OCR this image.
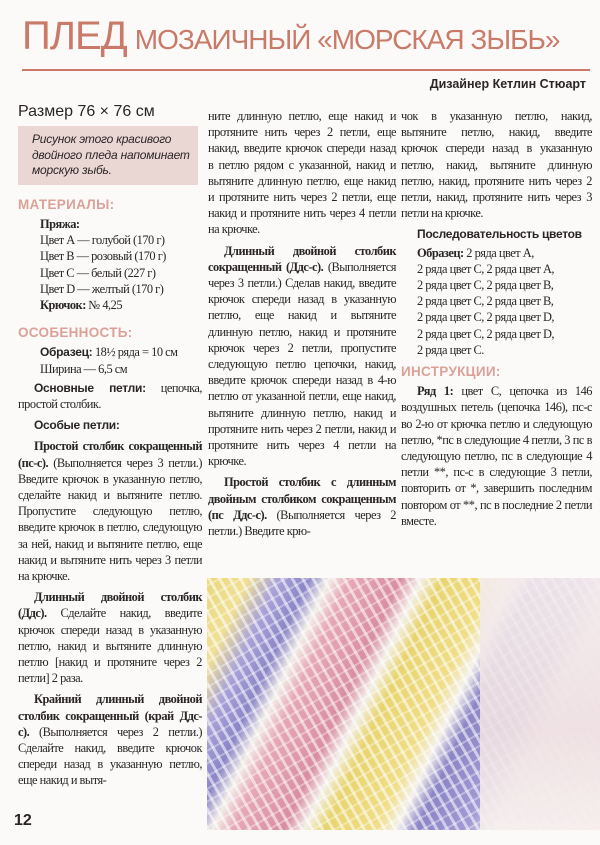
ПЛЕД МОЗАИЧНЫЙ «МОРСКАЯ ЗЫБЬ»
Дизайнер Кетлин Стюарт
Размер 76 × 76 см
Рисунок этого красивого двойного пледа напоминает морскую зыбь.
МАТЕРИАЛЫ:
Пряжа:
Цвет А — голубой (170 г)
Цвет В — розовый (170 г)
Цвет С — белый (227 г)
Цвет D — желтый (170 г)
Крючок: № 4,25
ОСОБЕННОСТЬ:
Образец: 18½ ряда = 10 см
Ширина — 6,5 см

Основные петли: цепочка, простой столбик.

Особые петли:

Простой столбик сокращенный (пс-с). (Выполняется через 3 петли.) Введите крючок в указанную петлю, сделайте накид и вытяните петлю. Пропустите следующую петлю, введите крючок в петлю, следующую за ней, накид и вытяните петлю, еще накид и вытяните нить через 3 петли на крючке.

Длинный двойной столбик (Ддс). Сделайте накид, введите крючок спереди назад в указанную петлю, накид и вытяните длинную петлю [накид и протяните через 2 петли] 2 раза.

Крайний длинный двойной столбик сокращенный (край Ддс-с). (Выполняется через 2 петли.) Сделайте накид, введите крючок спереди назад в указанную петлю, еще накид и вытя-

ните длинную петлю, еще накид и протяните нить через 2 петли, еще накид, введите крючок спереди назад в петлю рядом с указанной, накид и вытяните длинную петлю, еще накид и протяните нить через 2 петли, еще накид и протяните нить через 4 петли на крючке.

Длинный двойной столбик сокращенный (Ддс-с). (Выполняется через 3 петли.) Сделав накид, введите крючок спереди назад в указанную петлю, еще накид и вытяните длинную петлю, накид и протяните крючок через 2 петли, пропустите следующую петлю цепочки, накид, введите крючок спереди назад в 4-ю петлю от указанной петли, еще накид, вытяните длинную петлю, накид и протяните нить через 2 петли, накид и протяните нить через 4 петли на крючке.

Простой столбик с длинным двойным столбиком сокращенным (пс Ддс-с). (Выполняется через 2 петли.) Введите крю-

чок в указанную петлю, накид, вытяните петлю, накид, введите крючок спереди назад в указанную петлю, накид, вытяните длинную петлю, накид, протяните нить через 2 петли, накид, протяните нить через 3 петли на крючке.

Последовательность цветов
Образец: 2 ряда цвет А,
2 ряда цвет С, 2 ряда цвет А,
2 ряда цвет С, 2 ряда цвет В,
2 ряда цвет С, 2 ряда цвет В,
2 ряда цвет С, 2 ряда цвет D,
2 ряда цвет С, 2 ряда цвет D,
2 ряда цвет С.
ИНСТРУКЦИИ:

Ряд 1: цвет С, цепочка из 146 воздушных петель (цепочка 146), пс-с во 2-ю от крючка петлю и следующую петлю, *пс в следующие 4 петли, 3 пс в следующую петлю, пс в следующие 4 петли **, пс-с в следующие 3 петли, повторить от *, завершить последним повтором от **, пс в последние 2 петли вместе.

12
